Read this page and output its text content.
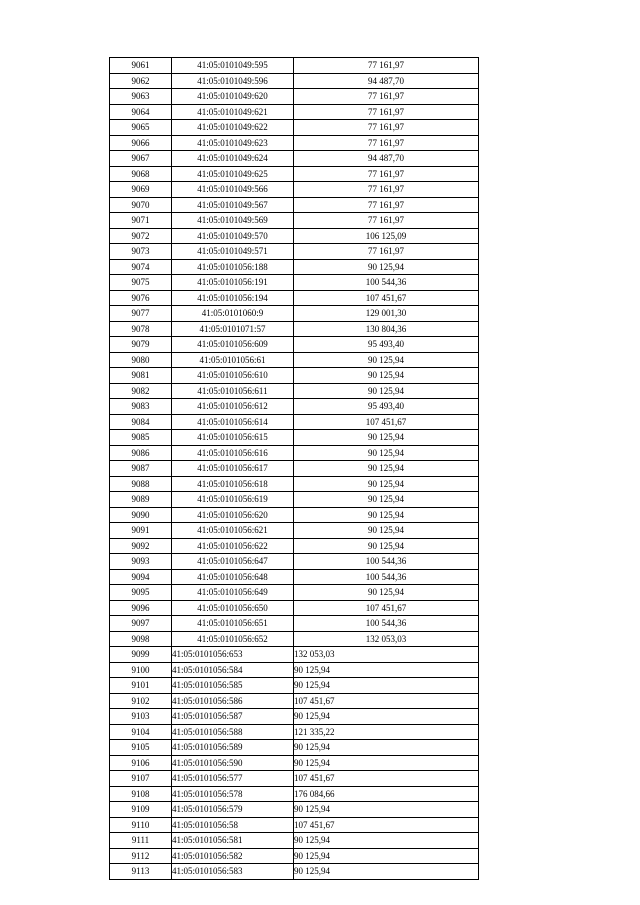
9061	41:05:0101049:595	77 161,97
9062	41:05:0101049:596	94 487,70
9063	41:05:0101049:620	77 161,97
9064	41:05:0101049:621	77 161,97
9065	41:05:0101049:622	77 161,97
9066	41:05:0101049:623	77 161,97
9067	41:05:0101049:624	94 487,70
9068	41:05:0101049:625	77 161,97
9069	41:05:0101049:566	77 161,97
9070	41:05:0101049:567	77 161,97
9071	41:05:0101049:569	77 161,97
9072	41:05:0101049:570	106 125,09
9073	41:05:0101049:571	77 161,97
9074	41:05:0101056:188	90 125,94
9075	41:05:0101056:191	100 544,36
9076	41:05:0101056:194	107 451,67
9077	41:05:0101060:9	129 001,30
9078	41:05:0101071:57	130 804,36
9079	41:05:0101056:609	95 493,40
9080	41:05:0101056:61	90 125,94
9081	41:05:0101056:610	90 125,94
9082	41:05:0101056:611	90 125,94
9083	41:05:0101056:612	95 493,40
9084	41:05:0101056:614	107 451,67
9085	41:05:0101056:615	90 125,94
9086	41:05:0101056:616	90 125,94
9087	41:05:0101056:617	90 125,94
9088	41:05:0101056:618	90 125,94
9089	41:05:0101056:619	90 125,94
9090	41:05:0101056:620	90 125,94
9091	41:05:0101056:621	90 125,94
9092	41:05:0101056:622	90 125,94
9093	41:05:0101056:647	100 544,36
9094	41:05:0101056:648	100 544,36
9095	41:05:0101056:649	90 125,94
9096	41:05:0101056:650	107 451,67
9097	41:05:0101056:651	100 544,36
9098	41:05:0101056:652	132 053,03
9099	41:05:0101056:653	132 053,03
9100	41:05:0101056:584	90 125,94
9101	41:05:0101056:585	90 125,94
9102	41:05:0101056:586	107 451,67
9103	41:05:0101056:587	90 125,94
9104	41:05:0101056:588	121 335,22
9105	41:05:0101056:589	90 125,94
9106	41:05:0101056:590	90 125,94
9107	41:05:0101056:577	107 451,67
9108	41:05:0101056:578	176 084,66
9109	41:05:0101056:579	90 125,94
9110	41:05:0101056:58	107 451,67
9111	41:05:0101056:581	90 125,94
9112	41:05:0101056:582	90 125,94
9113	41:05:0101056:583	90 125,94
